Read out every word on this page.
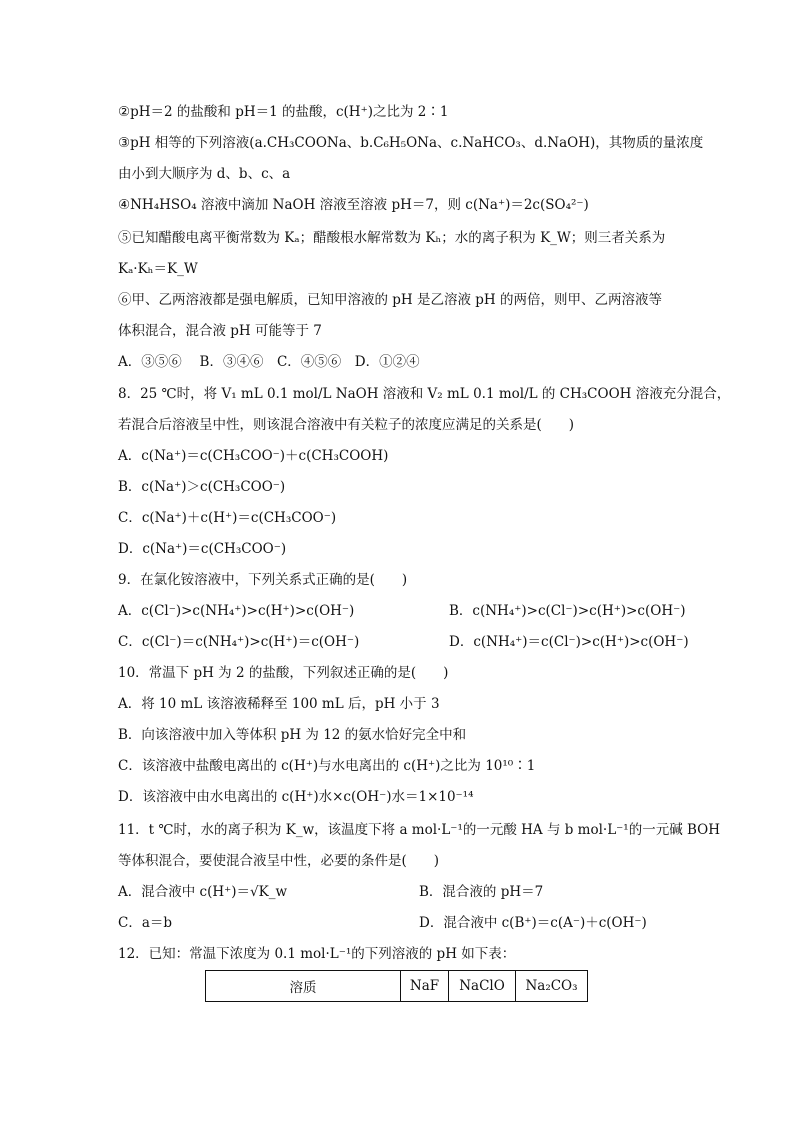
②pH＝2 的盐酸和 pH＝1 的盐酸，c(H⁺)之比为 2∶1
③pH 相等的下列溶液(a.CH₃COONa、b.C₆H₅ONa、c.NaHCO₃、d.NaOH)，其物质的量浓度
由小到大顺序为 d、b、c、a
④NH₄HSO₄ 溶液中滴加 NaOH 溶液至溶液 pH＝7，则 c(Na⁺)＝2c(SO₄²⁻)
⑤已知醋酸电离平衡常数为 Kₐ；醋酸根水解常数为 Kₕ；水的离子积为 K_W；则三者关系为
Kₐ·Kₕ＝K_W
⑥甲、乙两溶液都是强电解质，已知甲溶液的 pH 是乙溶液 pH 的两倍，则甲、乙两溶液等
体积混合，混合液 pH 可能等于 7
A．③⑤⑥　 B．③④⑥　C．④⑤⑥　D．①②④
8．25 ℃时，将 V₁ mL 0.1 mol/L NaOH 溶液和 V₂ mL 0.1 mol/L 的 CH₃COOH 溶液充分混合，
若混合后溶液呈中性，则该混合溶液中有关粒子的浓度应满足的关系是(　　)
A．c(Na⁺)＝c(CH₃COO⁻)＋c(CH₃COOH)
B．c(Na⁺)＞c(CH₃COO⁻)
C．c(Na⁺)＋c(H⁺)＝c(CH₃COO⁻)
D．c(Na⁺)＝c(CH₃COO⁻)
9．在氯化铵溶液中，下列关系式正确的是(　　)
A．c(Cl⁻)>c(NH₄⁺)>c(H⁺)>c(OH⁻)	B．c(NH₄⁺)>c(Cl⁻)>c(H⁺)>c(OH⁻)
C．c(Cl⁻)＝c(NH₄⁺)>c(H⁺)＝c(OH⁻)	D．c(NH₄⁺)＝c(Cl⁻)>c(H⁺)>c(OH⁻)
10．常温下 pH 为 2 的盐酸，下列叙述正确的是(　　)
A．将 10 mL 该溶液稀释至 100 mL 后，pH 小于 3
B．向该溶液中加入等体积 pH 为 12 的氨水恰好完全中和
C．该溶液中盐酸电离出的 c(H⁺)与水电离出的 c(H⁺)之比为 10¹⁰∶1
D．该溶液中由水电离出的 c(H⁺)水×c(OH⁻)水＝1×10⁻¹⁴
11．t ℃时，水的离子积为 K_w，该温度下将 a mol·L⁻¹的一元酸 HA 与 b mol·L⁻¹的一元碱 BOH
等体积混合，要使混合液呈中性，必要的条件是(　　)
A．混合液中 c(H⁺)＝√K_w	B．混合液的 pH＝7
C．a＝b	D．混合液中 c(B⁺)＝c(A⁻)＋c(OH⁻)
12．已知：常温下浓度为 0.1 mol·L⁻¹的下列溶液的 pH 如下表：
溶质	NaF	NaClO	Na₂CO₃
